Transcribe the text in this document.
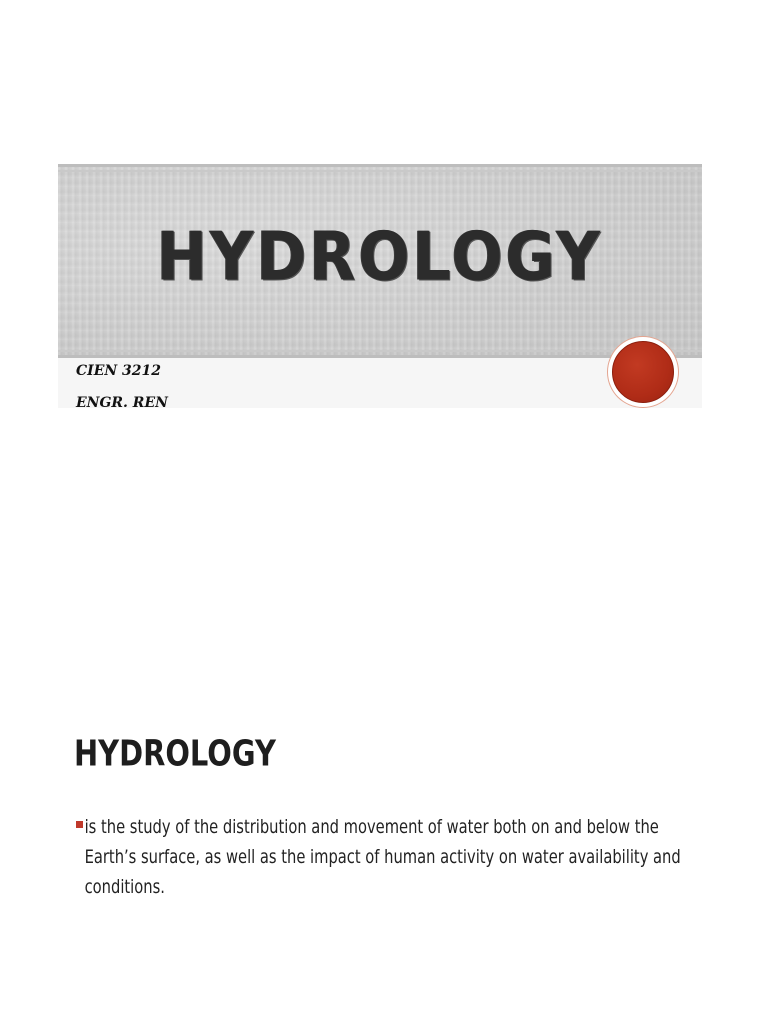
HYDROLOGY
CIEN 3212
ENGR. REN
HYDROLOGY

is the study of the distribution and movement of water both on and below the Earth’s surface, as well as the impact of human activity on water availability and conditions.
